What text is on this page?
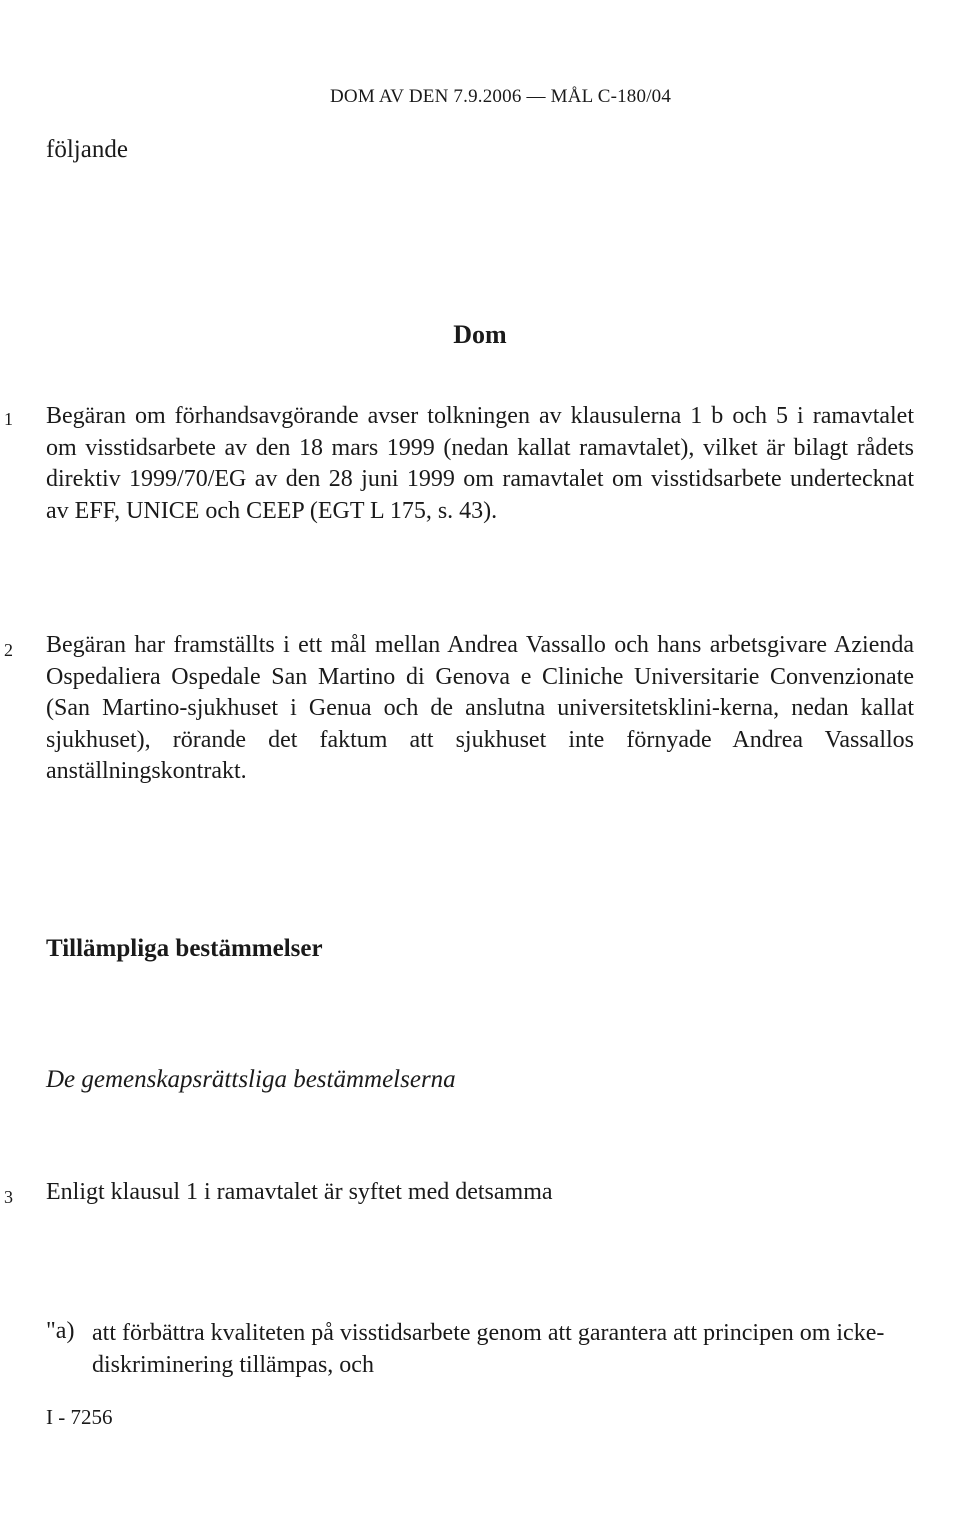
DOM AV DEN 7.9.2006 — MÅL C-180/04
följande
Dom
1 Begäran om förhandsavgörande avser tolkningen av klausulerna 1 b och 5 i ramavtalet om visstidsarbete av den 18 mars 1999 (nedan kallat ramavtalet), vilket är bilagt rådets direktiv 1999/70/EG av den 28 juni 1999 om ramavtalet om visstidsarbete undertecknat av EFF, UNICE och CEEP (EGT L 175, s. 43).
2 Begäran har framställts i ett mål mellan Andrea Vassallo och hans arbetsgivare Azienda Ospedaliera Ospedale San Martino di Genova e Cliniche Universitarie Convenzionate (San Martino-sjukhuset i Genua och de anslutna universitetsklini-kerna, nedan kallat sjukhuset), rörande det faktum att sjukhuset inte förnyade Andrea Vassallos anställningskontrakt.
Tillämpliga bestämmelser
De gemenskapsrättsliga bestämmelserna
3 Enligt klausul 1 i ramavtalet är syftet med detsamma
"a) att förbättra kvaliteten på visstidsarbete genom att garantera att principen om icke-diskriminering tillämpas, och
I - 7256
